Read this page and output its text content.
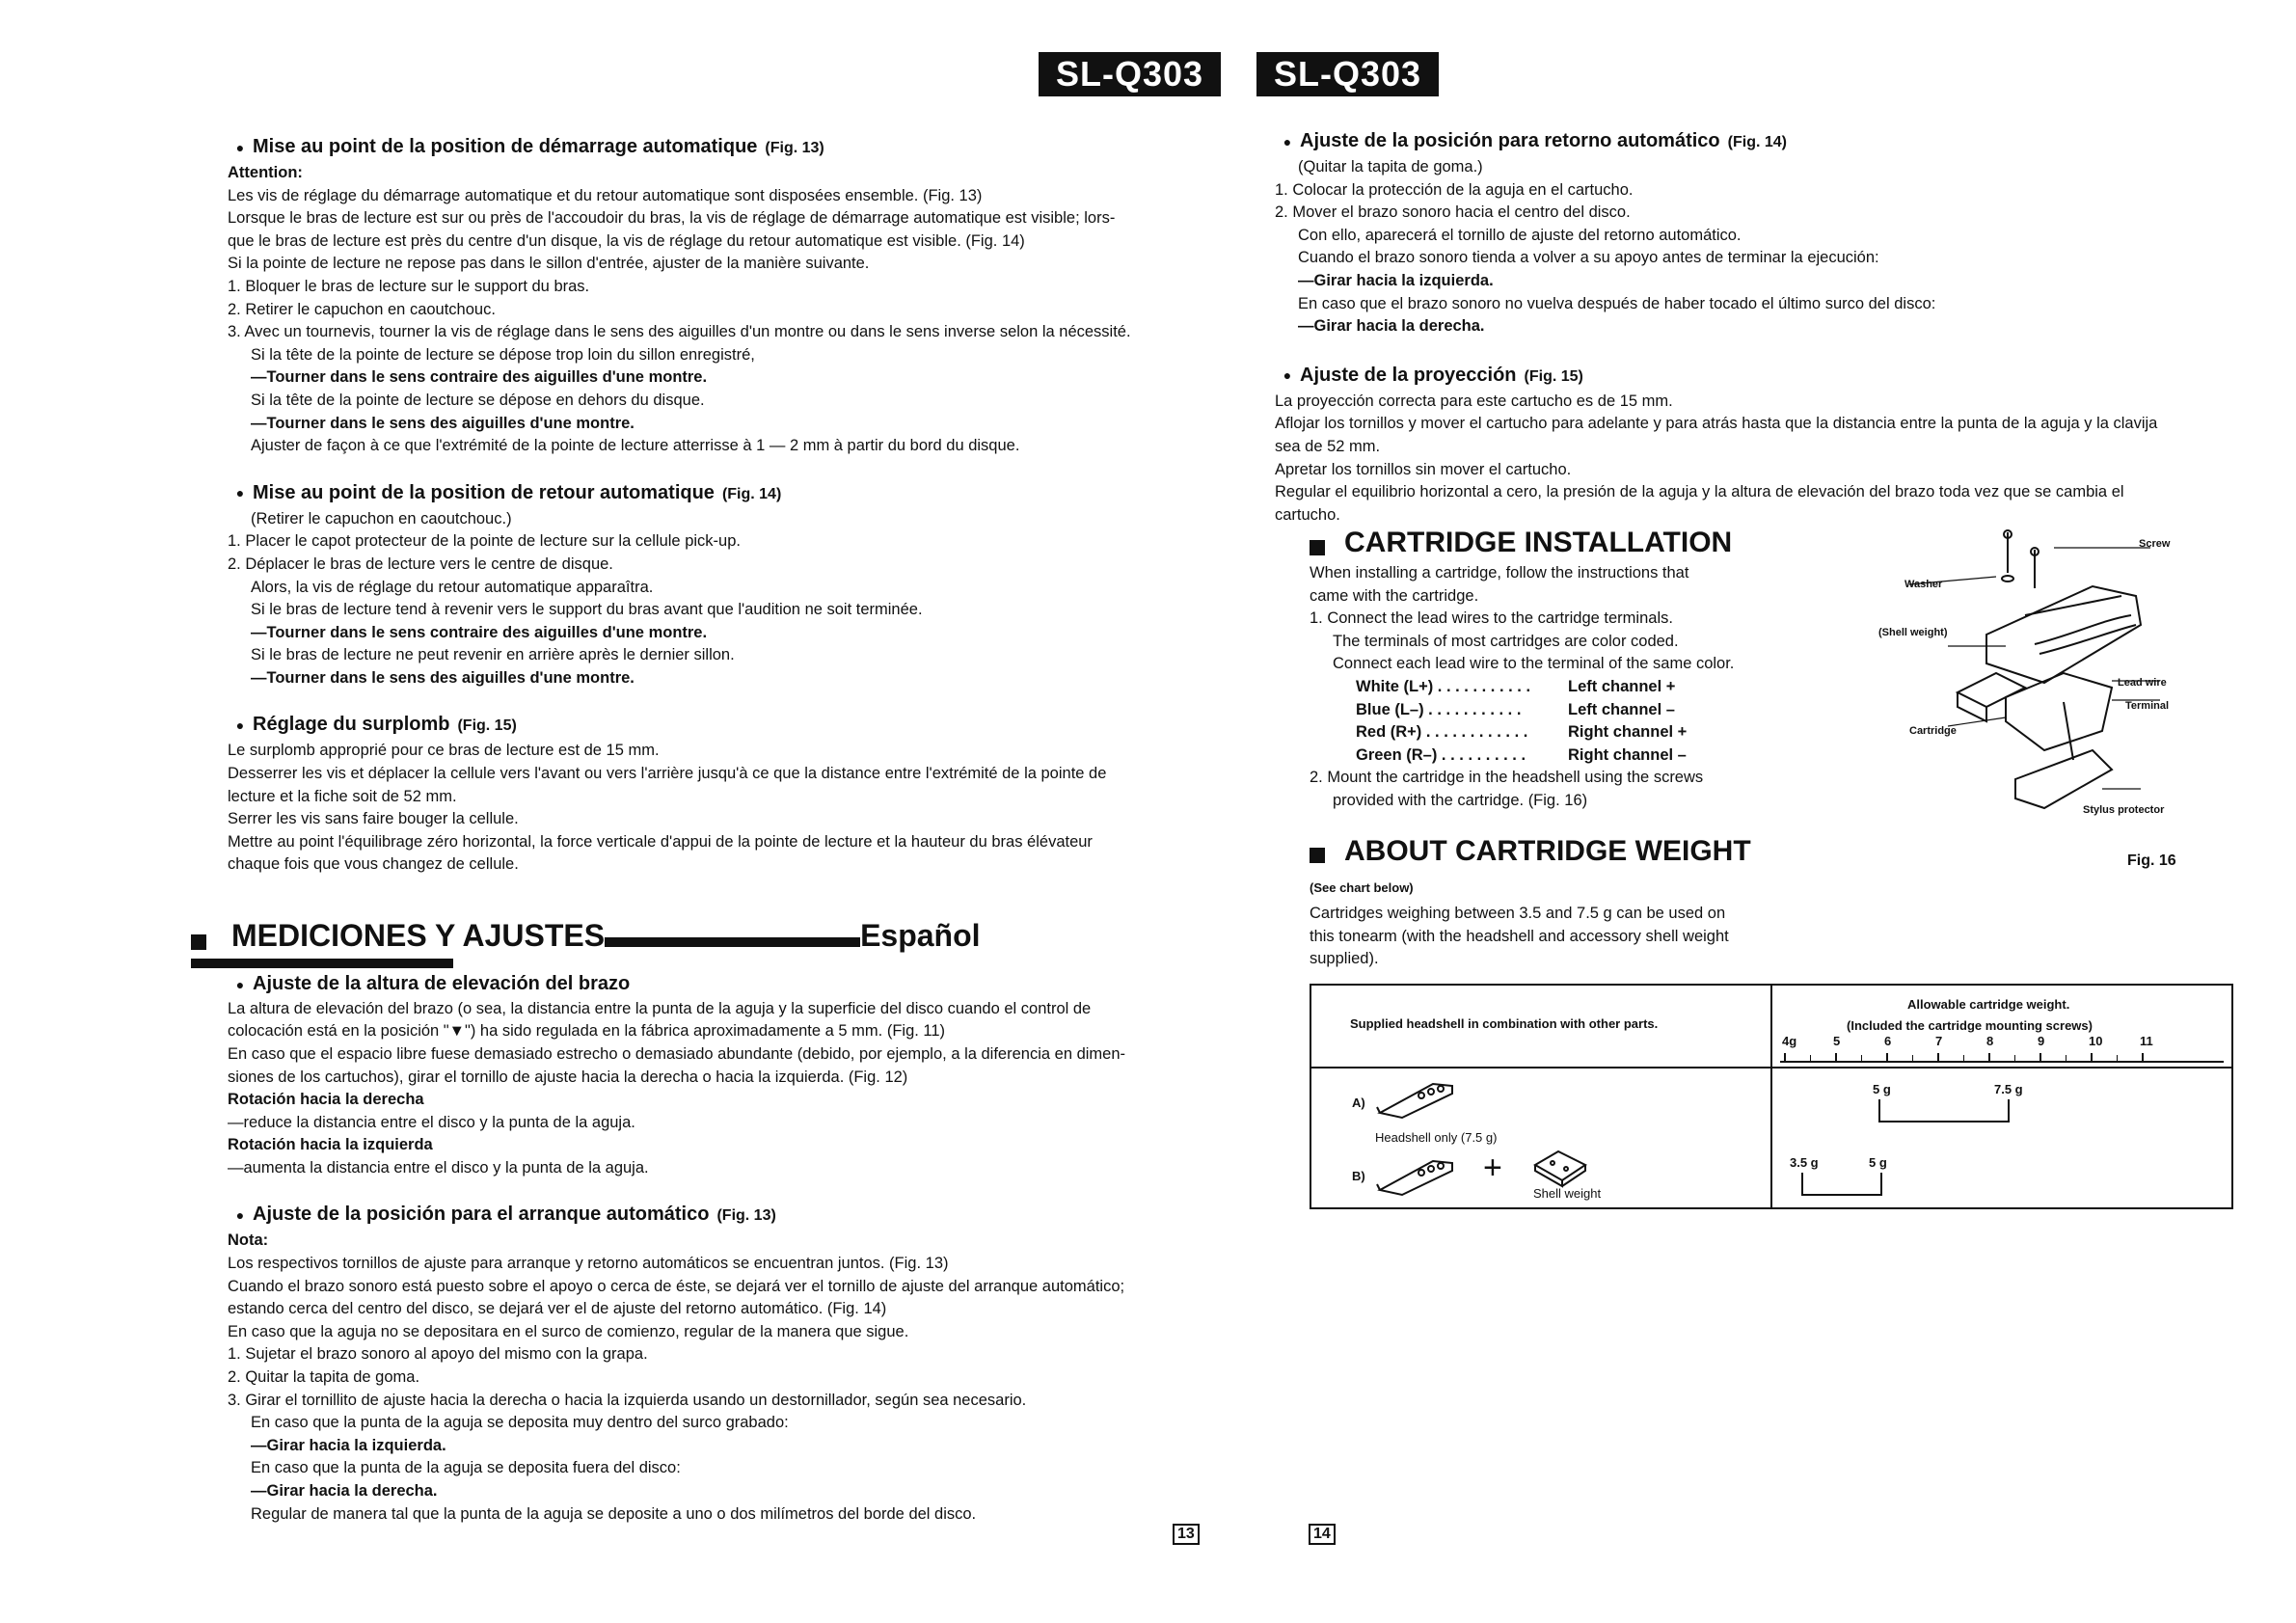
SL-Q303	SL-Q303

● Mise au point de la position de démarrage automatique (Fig. 13)

Attention:

Les vis de réglage du démarrage automatique et du retour automatique sont disposées ensemble. (Fig. 13)

Lorsque le bras de lecture est sur ou près de l'accoudoir du bras, la vis de réglage de démarrage automatique est visible; lors-

que le bras de lecture est près du centre d'un disque, la vis de réglage du retour automatique est visible. (Fig. 14)

Si la pointe de lecture ne repose pas dans le sillon d'entrée, ajuster de la manière suivante.

1. Bloquer le bras de lecture sur le support du bras.

2. Retirer le capuchon en caoutchouc.

3. Avec un tournevis, tourner la vis de réglage dans le sens des aiguilles d'un montre ou dans le sens inverse selon la nécessité.

Si la tête de la pointe de lecture se dépose trop loin du sillon enregistré,

—Tourner dans le sens contraire des aiguilles d'une montre.

Si la tête de la pointe de lecture se dépose en dehors du disque.

—Tourner dans le sens des aiguilles d'une montre.

Ajuster de façon à ce que l'extrémité de la pointe de lecture atterrisse à 1 — 2 mm à partir du bord du disque.

● Mise au point de la position de retour automatique (Fig. 14)

(Retirer le capuchon en caoutchouc.)

1. Placer le capot protecteur de la pointe de lecture sur la cellule pick-up.

2. Déplacer le bras de lecture vers le centre de disque.

Alors, la vis de réglage du retour automatique apparaîtra.

Si le bras de lecture tend à revenir vers le support du bras avant que l'audition ne soit terminée.

—Tourner dans le sens contraire des aiguilles d'une montre.

Si le bras de lecture ne peut revenir en arrière après le dernier sillon.

—Tourner dans le sens des aiguilles d'une montre.

● Réglage du surplomb (Fig. 15)

Le surplomb approprié pour ce bras de lecture est de 15 mm.

Desserrer les vis et déplacer la cellule vers l'avant ou vers l'arrière jusqu'à ce que la distance entre l'extrémité de la pointe de

lecture et la fiche soit de 52 mm.

Serrer les vis sans faire bouger la cellule.

Mettre au point l'équilibrage zéro horizontal, la force verticale d'appui de la pointe de lecture et la hauteur du bras élévateur

chaque fois que vous changez de cellule.

MEDICIONES Y AJUSTES	Español

● Ajuste de la altura de elevación del brazo

La altura de elevación del brazo (o sea, la distancia entre la punta de la aguja y la superficie del disco cuando el control de

colocación está en la posición "▼") ha sido regulada en la fábrica aproximadamente a 5 mm. (Fig. 11)

En caso que el espacio libre fuese demasiado estrecho o demasiado abundante (debido, por ejemplo, a la diferencia en dimen-

siones de los cartuchos), girar el tornillo de ajuste hacia la derecha o hacia la izquierda. (Fig. 12)

Rotación hacia la derecha

—reduce la distancia entre el disco y la punta de la aguja.

Rotación hacia la izquierda

—aumenta la distancia entre el disco y la punta de la aguja.

● Ajuste de la posición para el arranque automático (Fig. 13)

Nota:

Los respectivos tornillos de ajuste para arranque y retorno automáticos se encuentran juntos. (Fig. 13)

Cuando el brazo sonoro está puesto sobre el apoyo o cerca de éste, se dejará ver el tornillo de ajuste del arranque automático;

estando cerca del centro del disco, se dejará ver el de ajuste del retorno automático. (Fig. 14)

En caso que la aguja no se depositara en el surco de comienzo, regular de la manera que sigue.

1. Sujetar el brazo sonoro al apoyo del mismo con la grapa.

2. Quitar la tapita de goma.

3. Girar el tornillito de ajuste hacia la derecha o hacia la izquierda usando un destornillador, según sea necesario.

En caso que la punta de la aguja se deposita muy dentro del surco grabado:

—Girar hacia la izquierda.

En caso que la punta de la aguja se deposita fuera del disco:

—Girar hacia la derecha.

Regular de manera tal que la punta de la aguja se deposite a uno o dos milímetros del borde del disco.

13

● Ajuste de la posición para retorno automático (Fig. 14)

(Quitar la tapita de goma.)

1. Colocar la protección de la aguja en el cartucho.

2. Mover el brazo sonoro hacia el centro del disco.

Con ello, aparecerá el tornillo de ajuste del retorno automático.

Cuando el brazo sonoro tienda a volver a su apoyo antes de terminar la ejecución:

—Girar hacia la izquierda.

En caso que el brazo sonoro no vuelva después de haber tocado el último surco del disco:

—Girar hacia la derecha.

● Ajuste de la proyección (Fig. 15)

La proyección correcta para este cartucho es de 15 mm.

Aflojar los tornillos y mover el cartucho para adelante y para atrás hasta que la distancia entre la punta de la aguja y la clavija

sea de 52 mm.

Apretar los tornillos sin mover el cartucho.

Regular el equilibrio horizontal a cero, la presión de la aguja y la altura de elevación del brazo toda vez que se cambia el

cartucho.

CARTRIDGE INSTALLATION

When installing a cartridge, follow the instructions that

came with the cartridge.

1. Connect the lead wires to the cartridge terminals.

The terminals of most cartridges are color coded.

Connect each lead wire to the terminal of the same color.

White (L+) . . . . . . . . . . . Left channel +

Blue (L–) . . . . . . . . . . .	Left channel –

Red (R+) . . . . . . . . . . . .	Right channel +

Green (R–) . . . . . . . . . .	Right channel –

2. Mount the cartridge in the headshell using the screws

provided with the cartridge. (Fig. 16)

ABOUT CARTRIDGE WEIGHT

(See chart below)

Cartridges weighing between 3.5 and 7.5 g can be used on

this tonearm (with the headshell and accessory shell weight

supplied).

Screw
Washer
(Shell weight)
Lead wire
Terminal
Cartridge
Stylus protector
Fig. 16
Supplied headshell in combination with other parts.
Allowable cartridge weight.
(Included the cartridge mounting screws)
4g	5	6	7	8	9	10	11
A)
Headshell only (7.5 g)
5 g	7.5 g
B)	+
Shell weight
3.5 g	5 g
14
